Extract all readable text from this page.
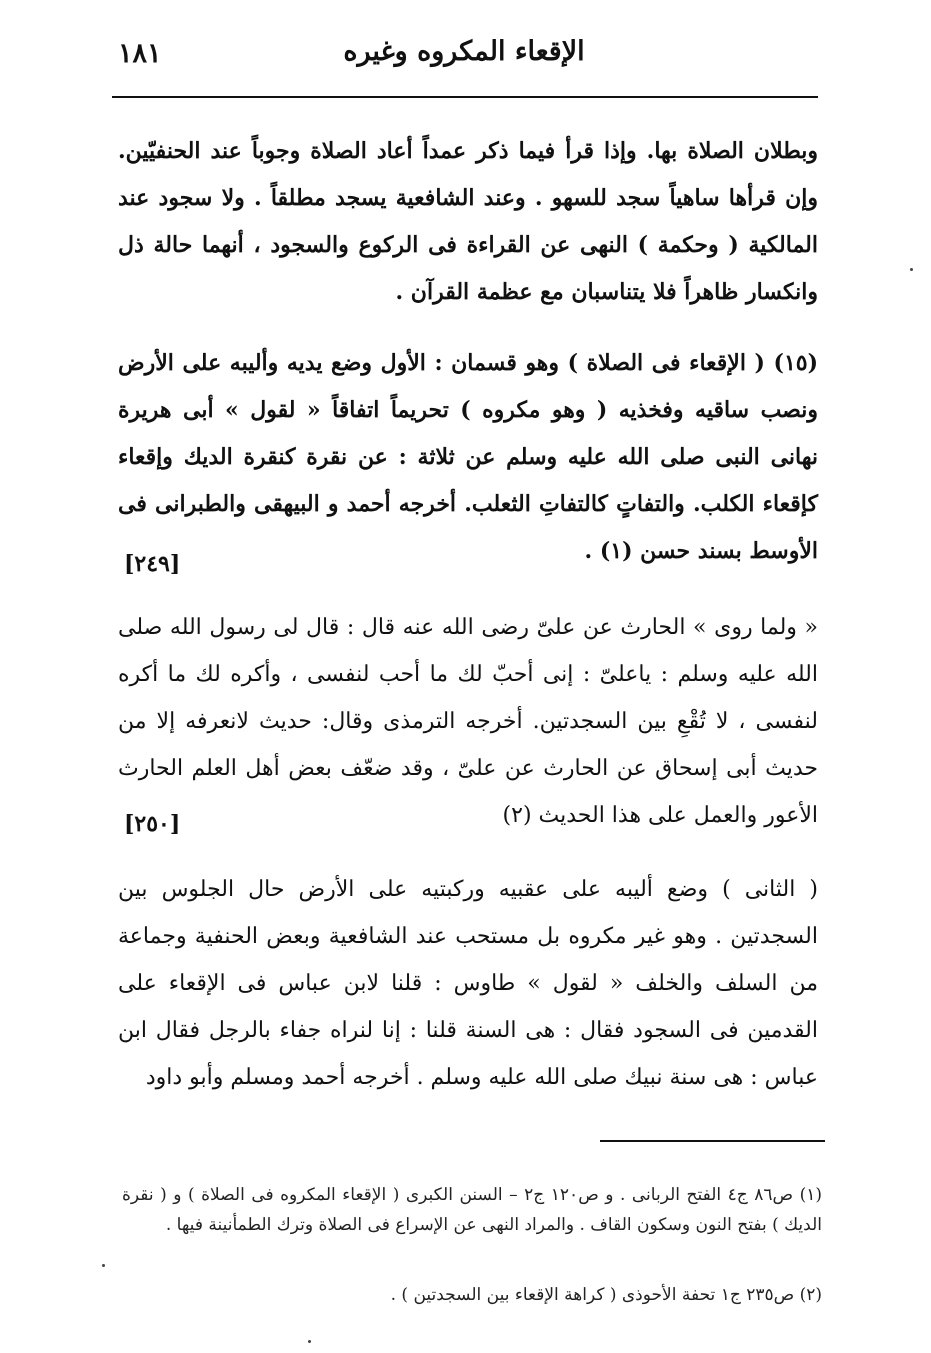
الإقعاء المكروه وغيره
١٨١
وبطلان الصلاة بها. وإذا قرأ فيما ذكر عمداً أعاد الصلاة وجوباً عند الحنفيّين. وإن قرأها ساهياً سجد للسهو . وعند الشافعية يسجد مطلقاً . ولا سجود عند المالكية ( وحكمة ) النهى عن القراءة فى الركوع والسجود ، أنهما حالة ذل وانكسار ظاهراً فلا يتناسبان مع عظمة القرآن .
(١٥) ( الإقعاء فى الصلاة ) وهو قسمان : الأول وضع يديه وأليبه على الأرض ونصب ساقيه وفخذيه ( وهو مكروه ) تحريماً اتفاقاً « لقول » أبى هريرة نهانى النبى صلى الله عليه وسلم عن ثلاثة : عن نقرة كنقرة الديك وإقعاء كإقعاء الكلب. والتفاتٍ كالتفاتِ الثعلب. أخرجه أحمد و البيهقى والطبرانى فى الأوسط بسند حسن (١) .
[٢٤٩]
« ولما روى » الحارث عن علىّ رضى الله عنه قال : قال لى رسول الله صلى الله عليه وسلم : ياعلىّ : إنى أحبّ لك ما أحب لنفسى ، وأكره لك ما أكره لنفسى ، لا تُقْعِ بين السجدتين. أخرجه الترمذى وقال: حديث لانعرفه إلا من حديث أبى إسحاق عن الحارث عن علىّ ، وقد ضعّف بعض أهل العلم الحارث الأعور والعمل على هذا الحديث (٢)
[٢٥٠]
( الثانى ) وضع أليبه على عقبيه وركبتيه على الأرض حال الجلوس بين السجدتين . وهو غير مكروه بل مستحب عند الشافعية وبعض الحنفية وجماعة من السلف والخلف « لقول » طاوس : قلنا لابن عباس فى الإقعاء على القدمين فى السجود فقال : هى السنة قلنا : إنا لنراه جفاء بالرجل فقال ابن عباس : هى سنة نبيك صلى الله عليه وسلم . أخرجه أحمد ومسلم وأبو داود
(١) ص٨٦ ج٤ الفتح الربانى . و ص١٢٠ ج٢ – السنن الكبرى ( الإقعاء المكروه فى الصلاة ) و ( نقرة الديك ) بفتح النون وسكون القاف . والمراد النهى عن الإسراع فى الصلاة وترك الطمأنينة فيها .
(٢) ص٢٣٥ ج١ تحفة الأحوذى ( كراهة الإقعاء بين السجدتين ) .
